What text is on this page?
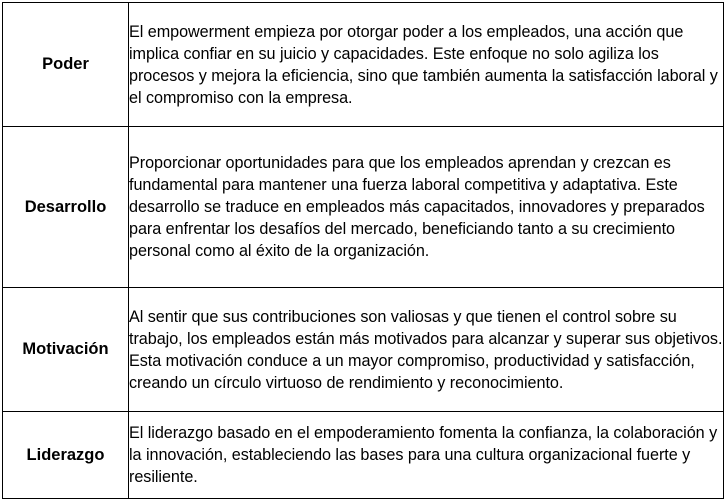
Poder	El empowerment empieza por otorgar poder a los empleados, una acción que implica confiar en su juicio y capacidades. Este enfoque no solo agiliza los procesos y mejora la eficiencia, sino que también aumenta la satisfacción laboral y el compromiso con la empresa.
Desarrollo	Proporcionar oportunidades para que los empleados aprendan y crezcan es fundamental para mantener una fuerza laboral competitiva y adaptativa. Este desarrollo se traduce en empleados más capacitados, innovadores y preparados para enfrentar los desafíos del mercado, beneficiando tanto a su crecimiento personal como al éxito de la organización.
Motivación	Al sentir que sus contribuciones son valiosas y que tienen el control sobre su trabajo, los empleados están más motivados para alcanzar y superar sus objetivos. Esta motivación conduce a un mayor compromiso, productividad y satisfacción, creando un círculo virtuoso de rendimiento y reconocimiento.
Liderazgo	El liderazgo basado en el empoderamiento fomenta la confianza, la colaboración y la innovación, estableciendo las bases para una cultura organizacional fuerte y resiliente.
